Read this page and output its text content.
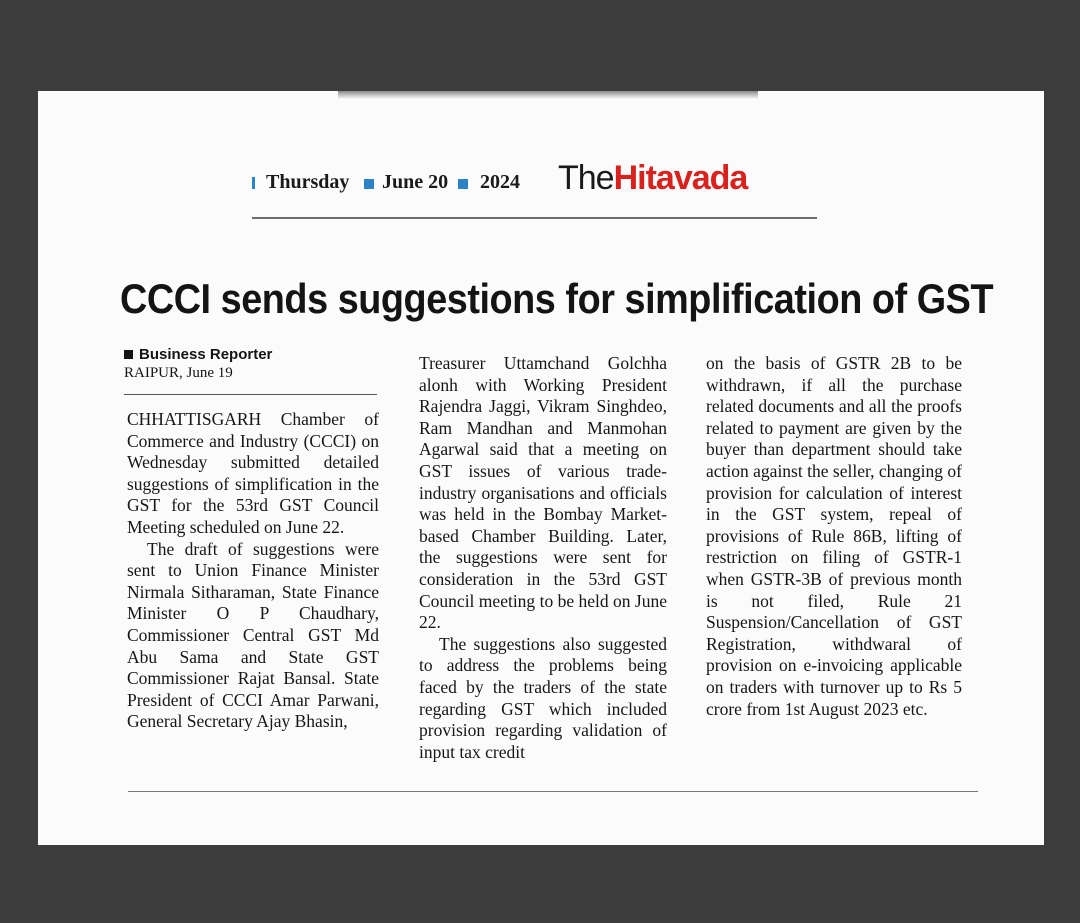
Thursday June 20 2024 TheHitavada
CCCI sends suggestions for simplification of GST
Business Reporter
RAIPUR, June 19

CHHATTISGARH Chamber of Commerce and Industry (CCCI) on Wednesday submitted detailed suggestions of simplification in the GST for the 53rd GST Council Meeting scheduled on June 22.

The draft of suggestions were sent to Union Finance Minister Nirmala Sitharaman, State Finance Minister O P Chaudhary, Commissioner Central GST Md Abu Sama and State GST Commissioner Rajat Bansal. State President of CCCI Amar Parwani, General Secretary Ajay Bhasin,

Treasurer Uttamchand Golchha alonh with Working President Rajendra Jaggi, Vikram Singhdeo, Ram Mandhan and Manmohan Agarwal said that a meeting on GST issues of various trade-industry organisations and officials was held in the Bombay Market-based Chamber Building. Later, the suggestions were sent for consideration in the 53rd GST Council meeting to be held on June 22.

The suggestions also suggested to address the problems being faced by the traders of the state regarding GST which included provision regarding validation of input tax credit

on the basis of GSTR 2B to be withdrawn, if all the purchase related documents and all the proofs related to payment are given by the buyer than department should take action against the seller, changing of provision for calculation of interest in the GST system, repeal of provisions of Rule 86B, lifting of restriction on filing of GSTR-1 when GSTR-3B of previous month is not filed, Rule 21 Suspension/Cancellation of GST Registration, withdwaral of provision on e-invoicing applicable on traders with turnover up to Rs 5 crore from 1st August 2023 etc.
